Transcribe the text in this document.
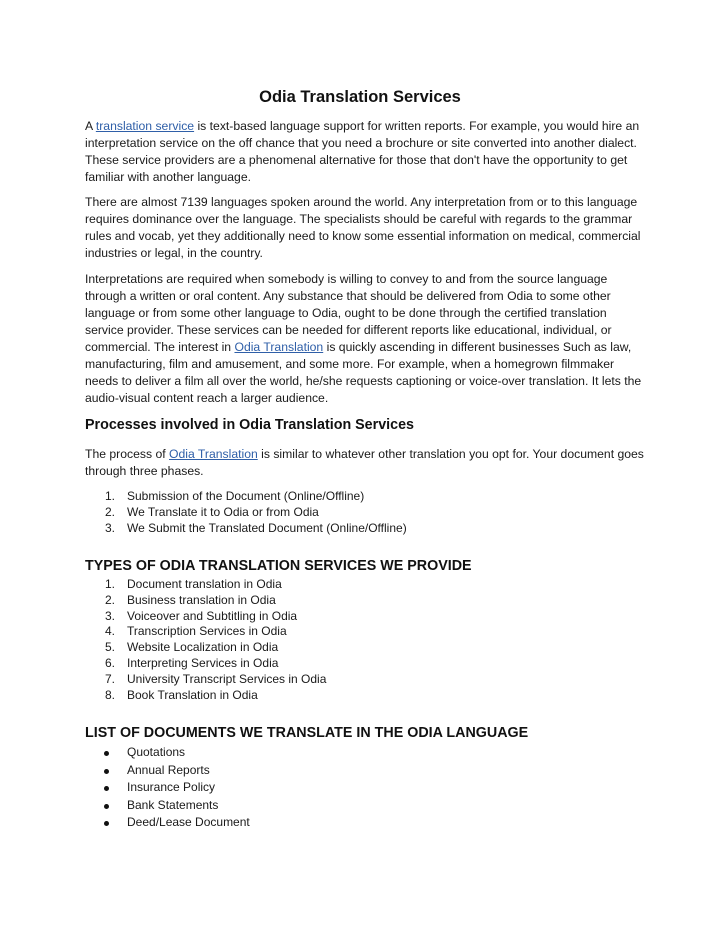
Odia Translation Services

A translation service is text-based language support for written reports. For example, you would hire an interpretation service on the off chance that you need a brochure or site converted into another dialect. These service providers are a phenomenal alternative for those that don't have the opportunity to get familiar with another language.

There are almost 7139 languages spoken around the world. Any interpretation from or to this language requires dominance over the language. The specialists should be careful with regards to the grammar rules and vocab, yet they additionally need to know some essential information on medical, commercial industries or legal, in the country.

Interpretations are required when somebody is willing to convey to and from the source language through a written or oral content. Any substance that should be delivered from Odia to some other language or from some other language to Odia, ought to be done through the certified translation service provider. These services can be needed for different reports like educational, individual, or commercial. The interest in Odia Translation is quickly ascending in different businesses Such as law, manufacturing, film and amusement, and some more. For example, when a homegrown filmmaker needs to deliver a film all over the world, he/she requests captioning or voice-over translation. It lets the audio-visual content reach a larger audience.

Processes involved in Odia Translation Services

The process of Odia Translation is similar to whatever other translation you opt for. Your document goes through three phases.

1. Submission of the Document (Online/Offline)
2. We Translate it to Odia or from Odia
3. We Submit the Translated Document (Online/Offline)
TYPES OF ODIA TRANSLATION SERVICES WE PROVIDE
1. Document translation in Odia
2. Business translation in Odia
3. Voiceover and Subtitling in Odia
4. Transcription Services in Odia
5. Website Localization in Odia
6. Interpreting Services in Odia
7. University Transcript Services in Odia
8. Book Translation in Odia
LIST OF DOCUMENTS WE TRANSLATE IN THE ODIA LANGUAGE
Quotations
Annual Reports
Insurance Policy
Bank Statements
Deed/Lease Document
